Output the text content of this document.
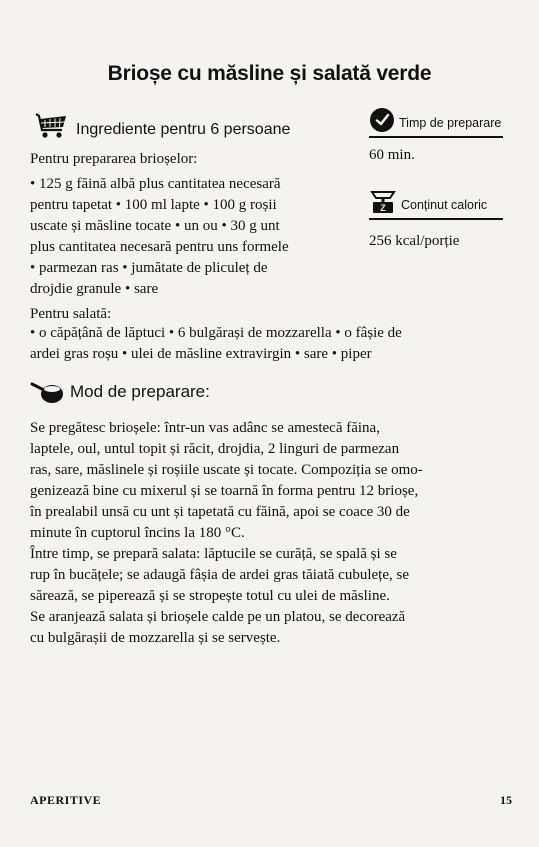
Brioșe cu măsline și salată verde
Ingrediente pentru 6 persoane
Pentru prepararea brioșelor:
• 125 g făină albă plus cantitatea necesară
pentru tapetat • 100 ml lapte • 100 g roșii
uscate și măsline tocate • un ou • 30 g unt
plus cantitatea necesară pentru uns formele
• parmezan ras • jumătate de pliculeț de
drojdie granule • sare
Pentru salată:
• o căpățână de lăptuci • 6 bulgărași de mozzarella • o fâșie de
ardei gras roșu • ulei de măsline extravirgin • sare • piper
Timp de preparare
60 min.
Z Conținut caloric
256 kcal/porție
Mod de preparare:
Se pregătesc brioșele: într-un vas adânc se amestecă făina,
laptele, oul, untul topit și răcit, drojdia, 2 linguri de parmezan
ras, sare, măslinele și roșiile uscate și tocate. Compoziția se omo-
genizează bine cu mixerul și se toarnă în forma pentru 12 brioșe,
în prealabil unsă cu unt și tapetată cu făină, apoi se coace 30 de
minute în cuptorul încins la 180 °C.
Între timp, se prepară salata: lăptucile se curăță, se spală și se
rup în bucățele; se adaugă fâșia de ardei gras tăiată cubulețe, se
sărează, se piperează și se stropește totul cu ulei de măsline.
Se aranjează salata și brioșele calde pe un platou, se decorează
cu bulgărașii de mozzarella și se servește.
APERITIVE	15
